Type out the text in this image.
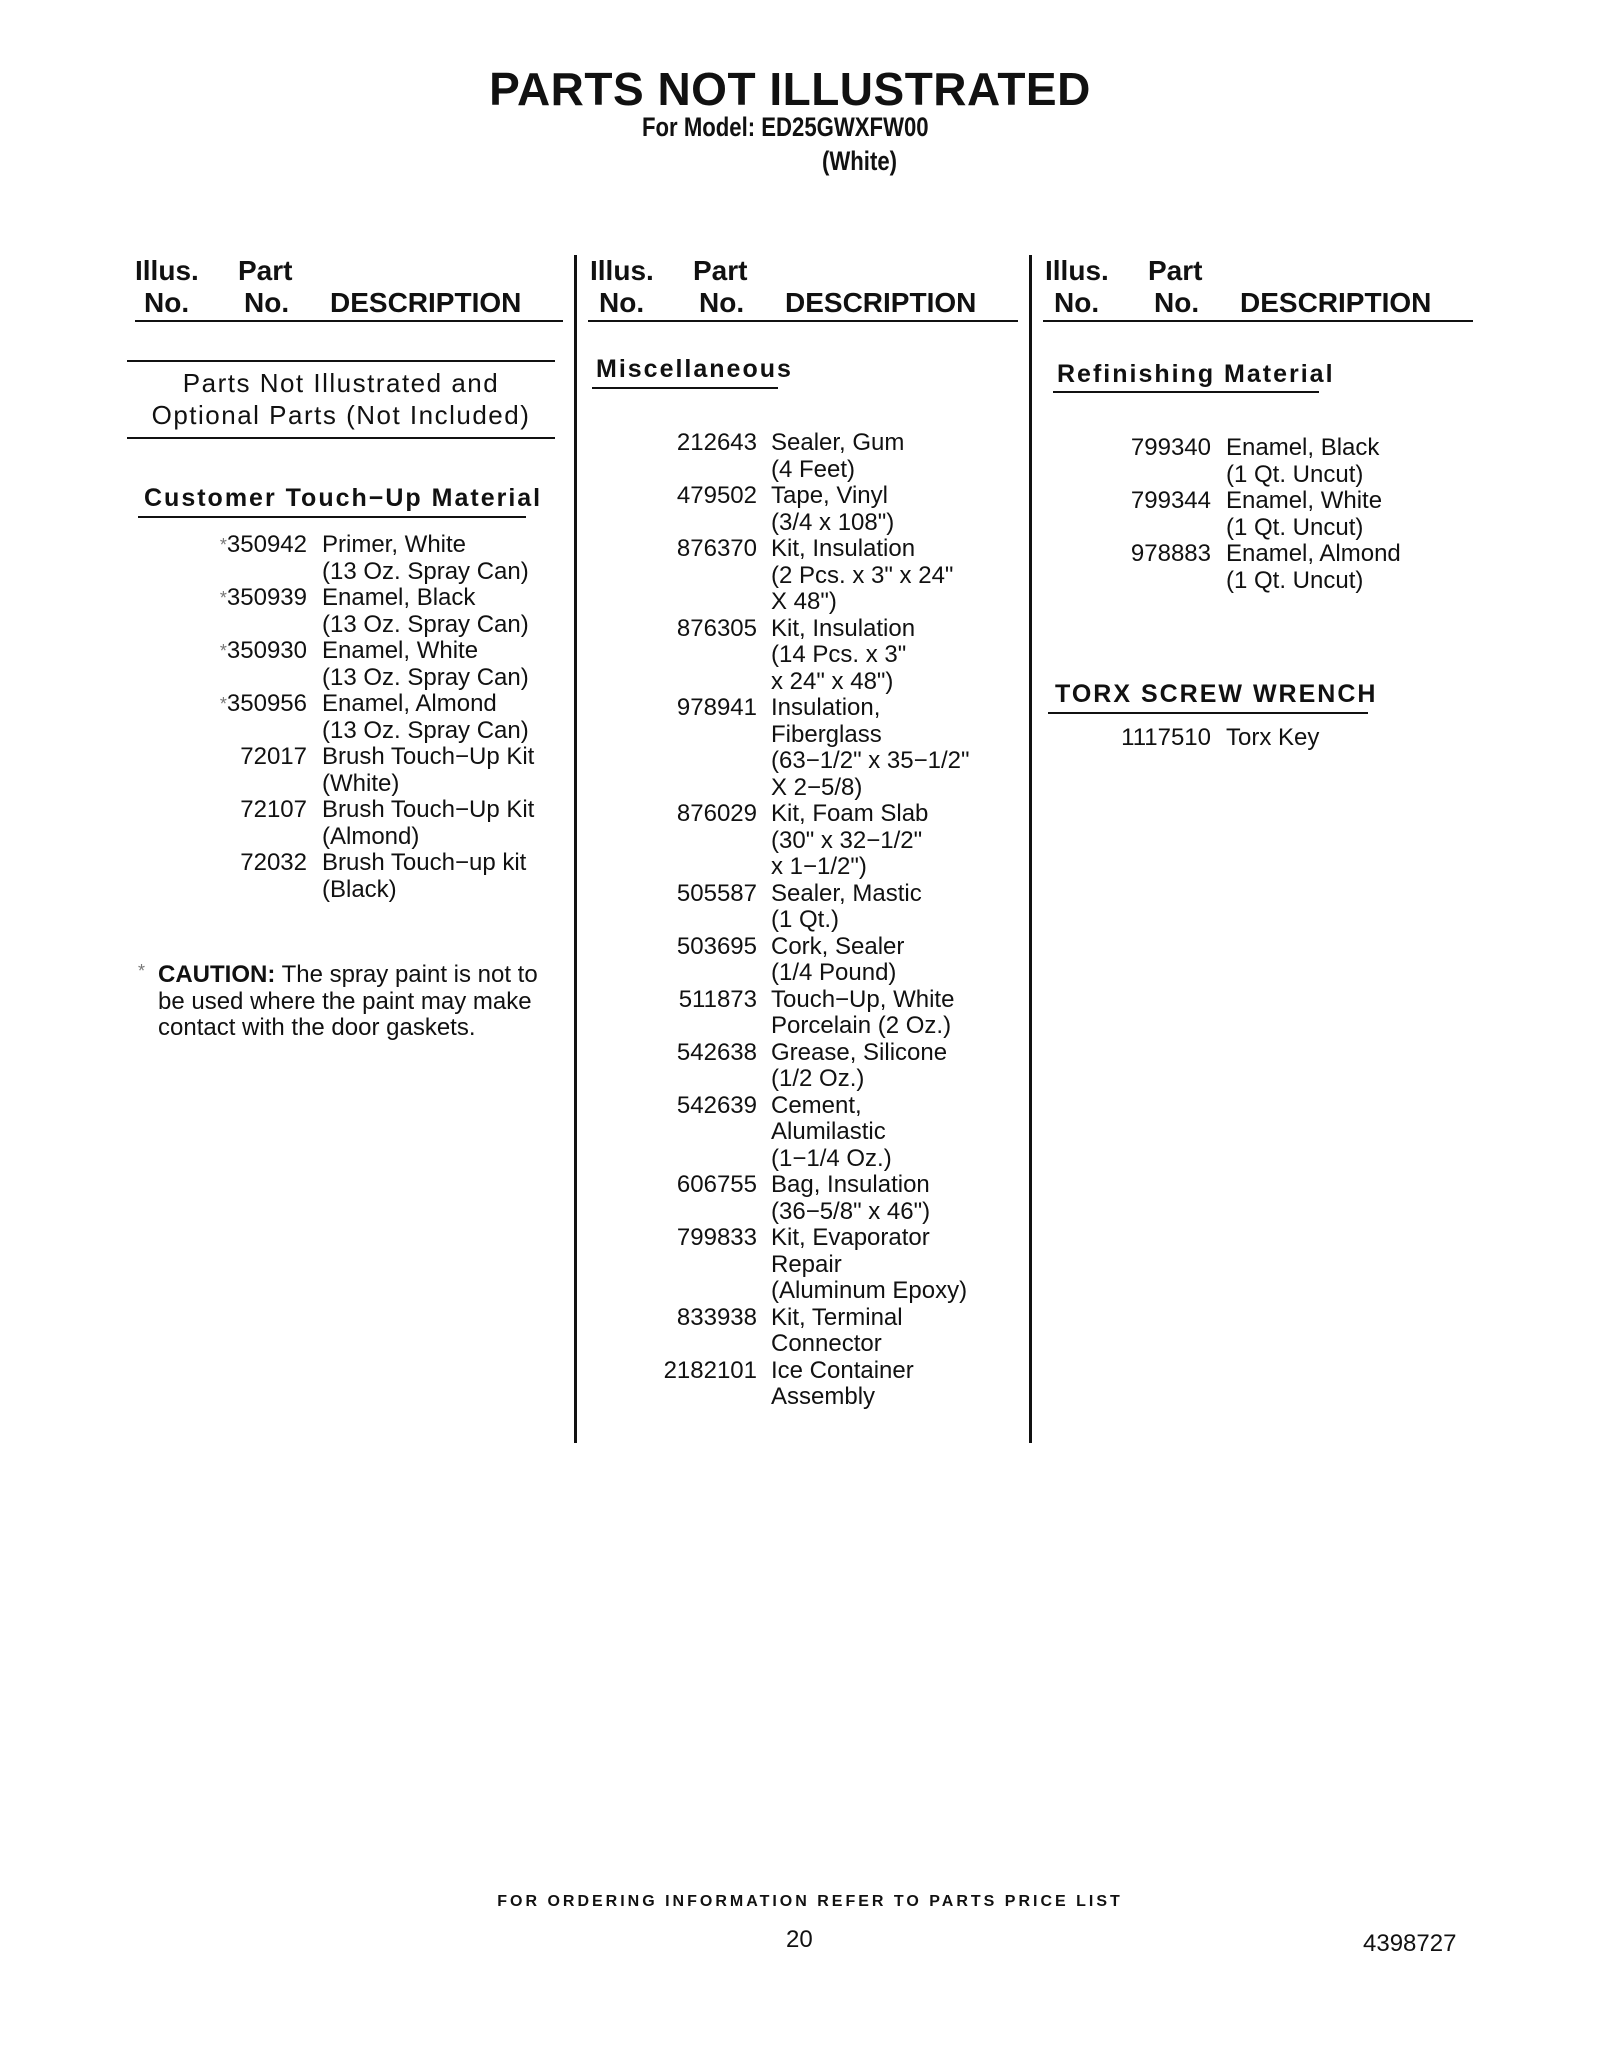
PARTS NOT ILLUSTRATED
For Model: ED25GWXFW00
(White)
Illus. Part
No. No. DESCRIPTION
Illus. Part
No. No. DESCRIPTION
Illus. Part
No. No. DESCRIPTION
Parts Not Illustrated and
Optional Parts (Not Included)
Customer Touch−Up Material
*350942 Primer, White
(13 Oz. Spray Can)
*350939 Enamel, Black
(13 Oz. Spray Can)
*350930 Enamel, White
(13 Oz. Spray Can)
*350956 Enamel, Almond
(13 Oz. Spray Can)
72017 Brush Touch−Up Kit
(White)
72107 Brush Touch−Up Kit
(Almond)
72032 Brush Touch−up kit
(Black)
* CAUTION: The spray paint is not to be used where the paint may make contact with the door gaskets.
Miscellaneous
212643 Sealer, Gum
(4 Feet)
479502 Tape, Vinyl
(3/4 x 108")
876370 Kit, Insulation
(2 Pcs. x 3" x 24"
X 48")
876305 Kit, Insulation
(14 Pcs. x 3"
x 24" x 48")
978941 Insulation,
Fiberglass
(63−1/2" x 35−1/2"
X 2−5/8)
876029 Kit, Foam Slab
(30" x 32−1/2"
x 1−1/2")
505587 Sealer, Mastic
(1 Qt.)
503695 Cork, Sealer
(1/4 Pound)
511873 Touch−Up, White
Porcelain (2 Oz.)
542638 Grease, Silicone
(1/2 Oz.)
542639 Cement,
Alumilastic
(1−1/4 Oz.)
606755 Bag, Insulation
(36−5/8" x 46")
799833 Kit, Evaporator
Repair
(Aluminum Epoxy)
833938 Kit, Terminal
Connector
2182101 Ice Container
Assembly
Refinishing Material
799340 Enamel, Black
(1 Qt. Uncut)
799344 Enamel, White
(1 Qt. Uncut)
978883 Enamel, Almond
(1 Qt. Uncut)
TORX SCREW WRENCH
1117510 Torx Key
FOR ORDERING INFORMATION REFER TO PARTS PRICE LIST
20	4398727
